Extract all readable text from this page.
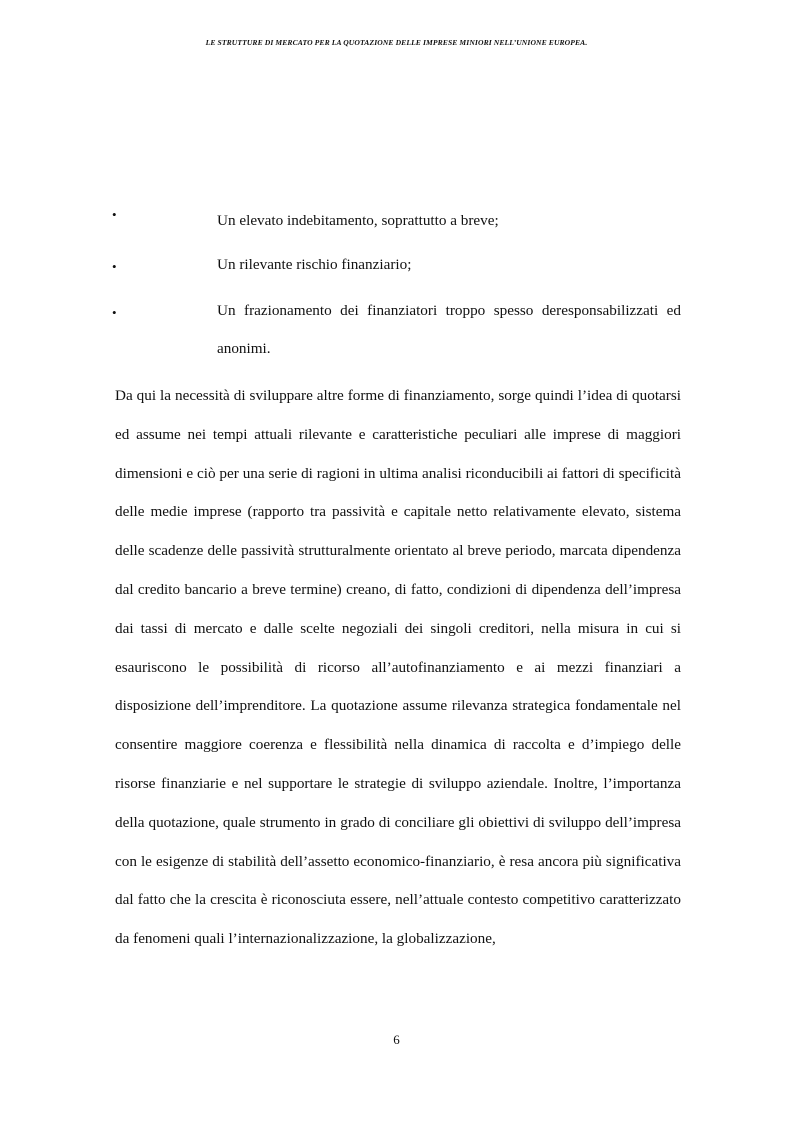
LE STRUTTURE DI MERCATO PER LA QUOTAZIONE DELLE IMPRESE MINIORI NELL’UNIONE EUROPEA.
•	Un elevato indebitamento, soprattutto a breve;
•	Un rilevante rischio finanziario;
•	Un frazionamento dei finanziatori troppo spesso deresponsabilizzati ed anonimi.

Da qui la necessità di sviluppare altre forme di finanziamento, sorge quindi l’idea di quotarsi ed assume nei tempi attuali rilevante e caratteristiche peculiari alle imprese di maggiori dimensioni e ciò per una serie di ragioni in ultima analisi riconducibili ai fattori di specificità delle medie imprese (rapporto tra passività e capitale netto relativamente elevato, sistema delle scadenze delle passività strutturalmente orientato al breve periodo, marcata dipendenza dal credito bancario a breve termine) creano, di fatto, condizioni di dipendenza dell’impresa dai tassi di mercato e dalle scelte negoziali dei singoli creditori, nella misura in cui si esauriscono le possibilità di ricorso all’autofinanziamento e ai mezzi finanziari a disposizione dell’imprenditore. La quotazione assume rilevanza strategica fondamentale nel consentire maggiore coerenza e flessibilità nella dinamica di raccolta e d’impiego delle risorse finanziarie e nel supportare le strategie di sviluppo aziendale. Inoltre, l’importanza della quotazione, quale strumento in grado di conciliare gli obiettivi di sviluppo dell’impresa con le esigenze di stabilità dell’assetto economico-finanziario, è resa ancora più significativa dal fatto che la crescita è riconosciuta essere, nell’attuale contesto competitivo caratterizzato da fenomeni quali l’internazionalizzazione, la globalizzazione,

6
